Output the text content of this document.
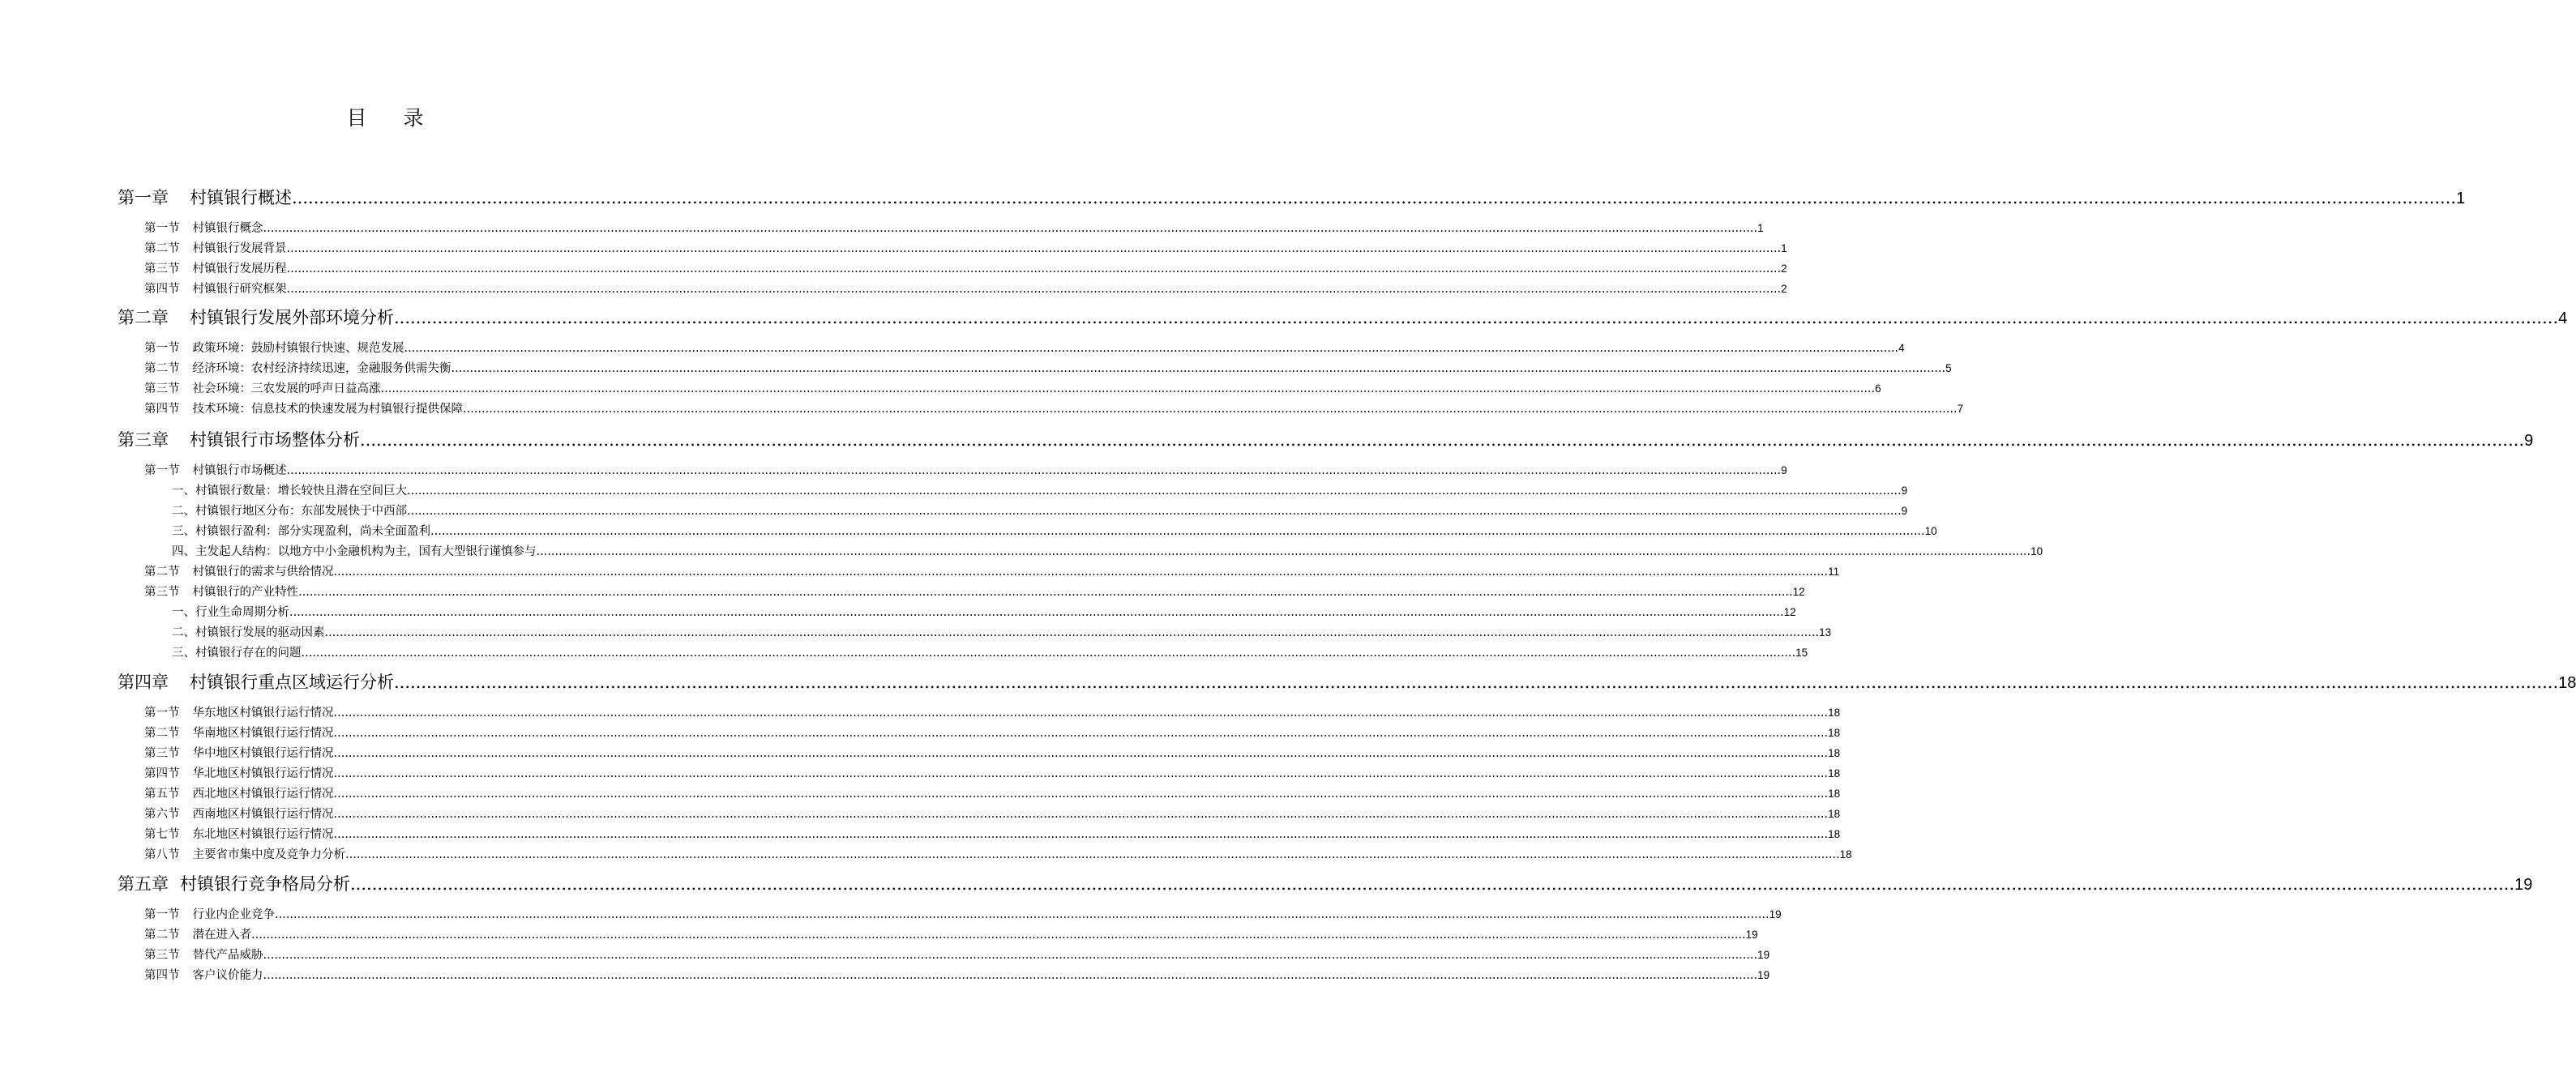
目录
第一章 村镇银行概述 ................................................................................................................................................................................................................................................................................................................................................................................................................ 1
第一节 村镇银行概念 ................................................................................................................................................................................................................................................................................................................................................................................................................ 1
第二节 村镇银行发展背景 ................................................................................................................................................................................................................................................................................................................................................................................................................ 1
第三节 村镇银行发展历程 ................................................................................................................................................................................................................................................................................................................................................................................................................ 2
第四节 村镇银行研究框架 ................................................................................................................................................................................................................................................................................................................................................................................................................ 2
第二章 村镇银行发展外部环境分析 ................................................................................................................................................................................................................................................................................................................................................................................................................ 4
第一节 政策环境：鼓励村镇银行快速、规范发展 ................................................................................................................................................................................................................................................................................................................................................................................................................ 4
第二节 经济环境：农村经济持续迅速，金融服务供需失衡 ................................................................................................................................................................................................................................................................................................................................................................................................................ 5
第三节 社会环境：三农发展的呼声日益高涨 ................................................................................................................................................................................................................................................................................................................................................................................................................ 6
第四节 技术环境：信息技术的快速发展为村镇银行提供保障 ................................................................................................................................................................................................................................................................................................................................................................................................................ 7
第三章 村镇银行市场整体分析 ................................................................................................................................................................................................................................................................................................................................................................................................................ 9
第一节 村镇银行市场概述 ................................................................................................................................................................................................................................................................................................................................................................................................................ 9
一、村镇银行数量：增长较快且潜在空间巨大 ................................................................................................................................................................................................................................................................................................................................................................................................................ 9
二、村镇银行地区分布：东部发展快于中西部 ................................................................................................................................................................................................................................................................................................................................................................................................................ 9
三、村镇银行盈利：部分实现盈利，尚未全面盈利 ................................................................................................................................................................................................................................................................................................................................................................................................................ 10
四、主发起人结构：以地方中小金融机构为主，国有大型银行谨慎参与 ................................................................................................................................................................................................................................................................................................................................................................................................................ 10
第二节 村镇银行的需求与供给情况 ................................................................................................................................................................................................................................................................................................................................................................................................................ 11
第三节 村镇银行的产业特性 ................................................................................................................................................................................................................................................................................................................................................................................................................ 12
一、行业生命周期分析 ................................................................................................................................................................................................................................................................................................................................................................................................................ 12
二、村镇银行发展的驱动因素 ................................................................................................................................................................................................................................................................................................................................................................................................................ 13
三、村镇银行存在的问题 ................................................................................................................................................................................................................................................................................................................................................................................................................ 15
第四章 村镇银行重点区域运行分析 ................................................................................................................................................................................................................................................................................................................................................................................................................ 18
第一节 华东地区村镇银行运行情况 ................................................................................................................................................................................................................................................................................................................................................................................................................ 18
第二节 华南地区村镇银行运行情况 ................................................................................................................................................................................................................................................................................................................................................................................................................ 18
第三节 华中地区村镇银行运行情况 ................................................................................................................................................................................................................................................................................................................................................................................................................ 18
第四节 华北地区村镇银行运行情况 ................................................................................................................................................................................................................................................................................................................................................................................................................ 18
第五节 西北地区村镇银行运行情况 ................................................................................................................................................................................................................................................................................................................................................................................................................ 18
第六节 西南地区村镇银行运行情况 ................................................................................................................................................................................................................................................................................................................................................................................................................ 18
第七节 东北地区村镇银行运行情况 ................................................................................................................................................................................................................................................................................................................................................................................................................ 18
第八节 主要省市集中度及竞争力分析 ................................................................................................................................................................................................................................................................................................................................................................................................................ 18
第五章 村镇银行竞争格局分析 ................................................................................................................................................................................................................................................................................................................................................................................................................ 19
第一节 行业内企业竞争 ................................................................................................................................................................................................................................................................................................................................................................................................................ 19
第二节 潜在进入者 ................................................................................................................................................................................................................................................................................................................................................................................................................ 19
第三节 替代产品威胁 ................................................................................................................................................................................................................................................................................................................................................................................................................ 19
第四节 客户议价能力 ................................................................................................................................................................................................................................................................................................................................................................................................................ 19
